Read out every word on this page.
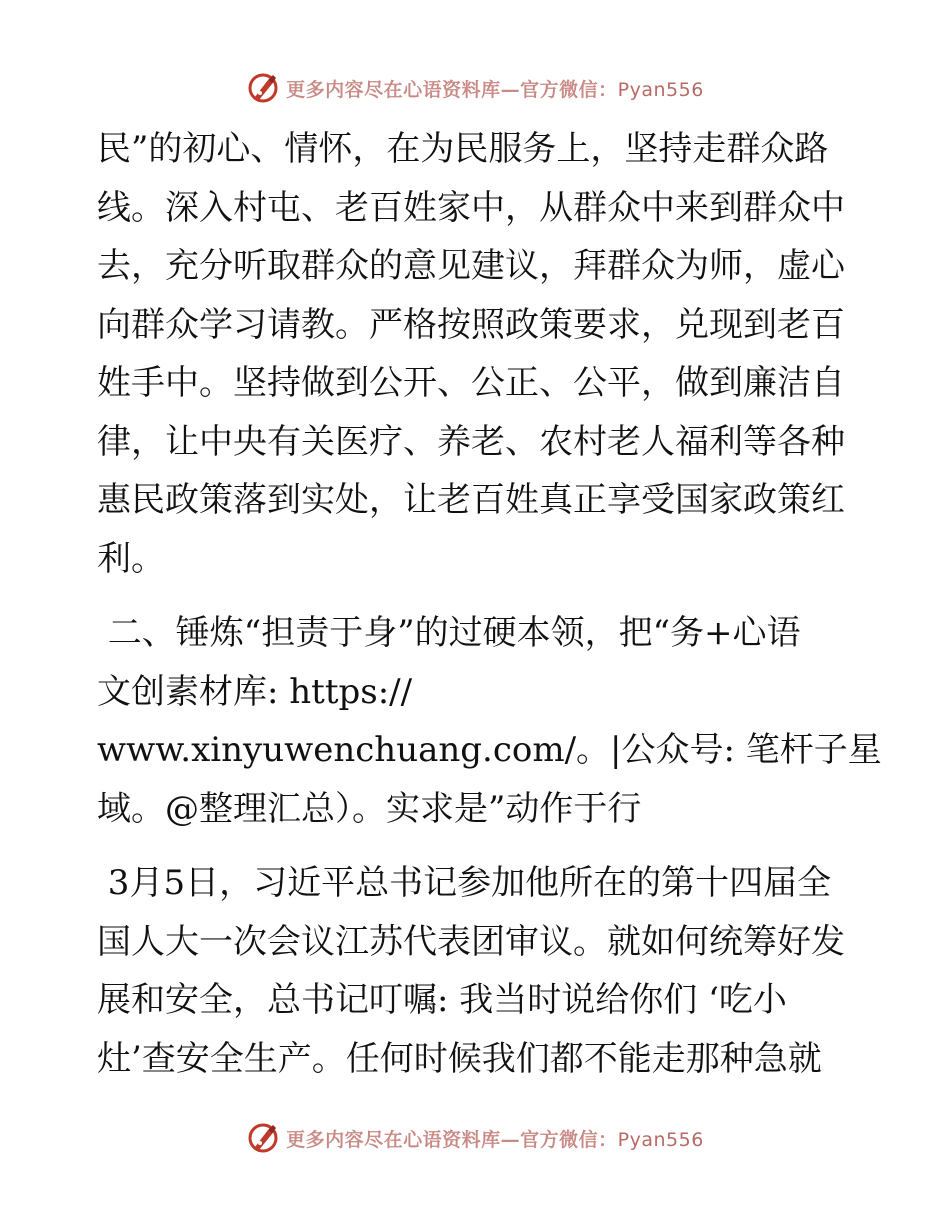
更多内容尽在心语资料库—官方微信：Pyan556

民”的初心、情怀，在为民服务上，坚持走群众路
线。深入村屯、老百姓家中，从群众中来到群众中
去，充分听取群众的意见建议，拜群众为师，虚心
向群众学习请教。严格按照政策要求，兑现到老百
姓手中。坚持做到公开、公正、公平，做到廉洁自
律，让中央有关医疗、养老、农村老人福利等各种
惠民政策落到实处，让老百姓真正享受国家政策红
利。

二、锤炼“担责于身”的过硬本领，把“务+心语
文创素材库: https://
www.xinyuwenchuang.com/。|公众号: 笔杆子星
域。@整理汇总）。实求是”动作于行

3月5日，习近平总书记参加他所在的第十四届全
国人大一次会议江苏代表团审议。就如何统筹好发
展和安全，总书记叮嘱: 我当时说给你们 ‘吃小
灶’查安全生产。任何时候我们都不能走那种急就

更多内容尽在心语资料库—官方微信：Pyan556
